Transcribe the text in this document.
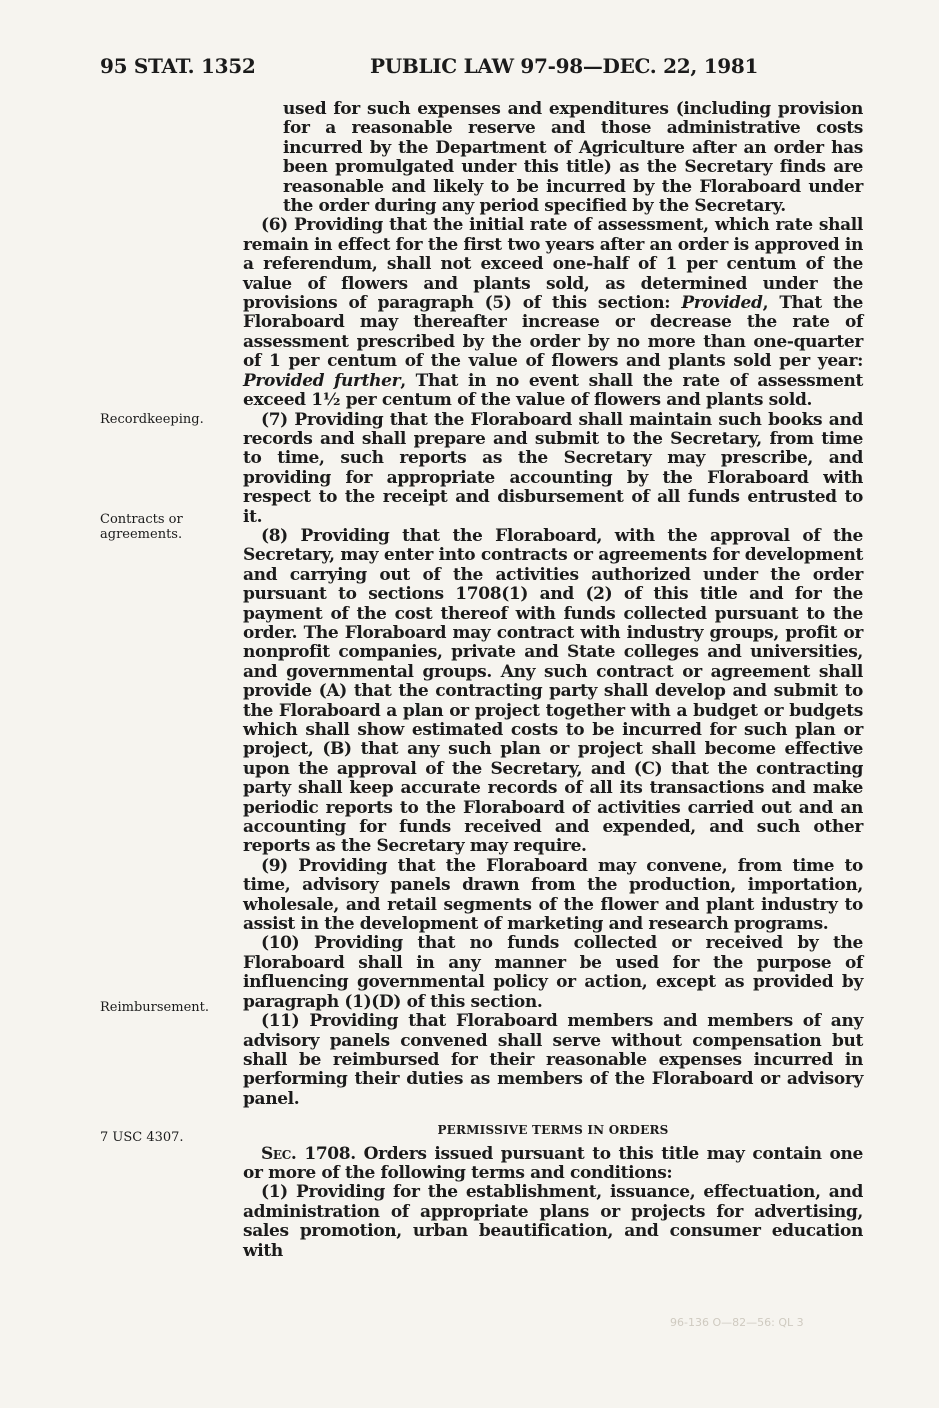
95 STAT. 1352	PUBLIC LAW 97-98—DEC. 22, 1981
Recordkeeping.
Contracts or agreements.
Reimbursement.
7 USC 4307.

used for such expenses and expenditures (including provision for a reasonable reserve and those administrative costs incurred by the Department of Agriculture after an order has been promulgated under this title) as the Secretary finds are reasonable and likely to be incurred by the Floraboard under the order during any period specified by the Secretary.

(6) Providing that the initial rate of assessment, which rate shall remain in effect for the first two years after an order is approved in a referendum, shall not exceed one-half of 1 per centum of the value of flowers and plants sold, as determined under the provisions of paragraph (5) of this section: Provided, That the Floraboard may thereafter increase or decrease the rate of assessment prescribed by the order by no more than one-quarter of 1 per centum of the value of flowers and plants sold per year: Provided further, That in no event shall the rate of assessment exceed 1½ per centum of the value of flowers and plants sold.

(7) Providing that the Floraboard shall maintain such books and records and shall prepare and submit to the Secretary, from time to time, such reports as the Secretary may prescribe, and providing for appropriate accounting by the Floraboard with respect to the receipt and disbursement of all funds entrusted to it.

(8) Providing that the Floraboard, with the approval of the Secretary, may enter into contracts or agreements for development and carrying out of the activities authorized under the order pursuant to sections 1708(1) and (2) of this title and for the payment of the cost thereof with funds collected pursuant to the order. The Floraboard may contract with industry groups, profit or nonprofit companies, private and State colleges and universities, and governmental groups. Any such contract or agreement shall provide (A) that the contracting party shall develop and submit to the Floraboard a plan or project together with a budget or budgets which shall show estimated costs to be incurred for such plan or project, (B) that any such plan or project shall become effective upon the approval of the Secretary, and (C) that the contracting party shall keep accurate records of all its transactions and make periodic reports to the Floraboard of activities carried out and an accounting for funds received and expended, and such other reports as the Secretary may require.

(9) Providing that the Floraboard may convene, from time to time, advisory panels drawn from the production, importation, wholesale, and retail segments of the flower and plant industry to assist in the development of marketing and research programs.

(10) Providing that no funds collected or received by the Floraboard shall in any manner be used for the purpose of influencing governmental policy or action, except as provided by paragraph (1)(D) of this section.

(11) Providing that Floraboard members and members of any advisory panels convened shall serve without compensation but shall be reimbursed for their reasonable expenses incurred in performing their duties as members of the Floraboard or advisory panel.

PERMISSIVE TERMS IN ORDERS

Sec. 1708. Orders issued pursuant to this title may contain one or more of the following terms and conditions:

(1) Providing for the establishment, issuance, effectuation, and administration of appropriate plans or projects for advertising, sales promotion, urban beautification, and consumer education with

96-136 O—82—56: QL 3
